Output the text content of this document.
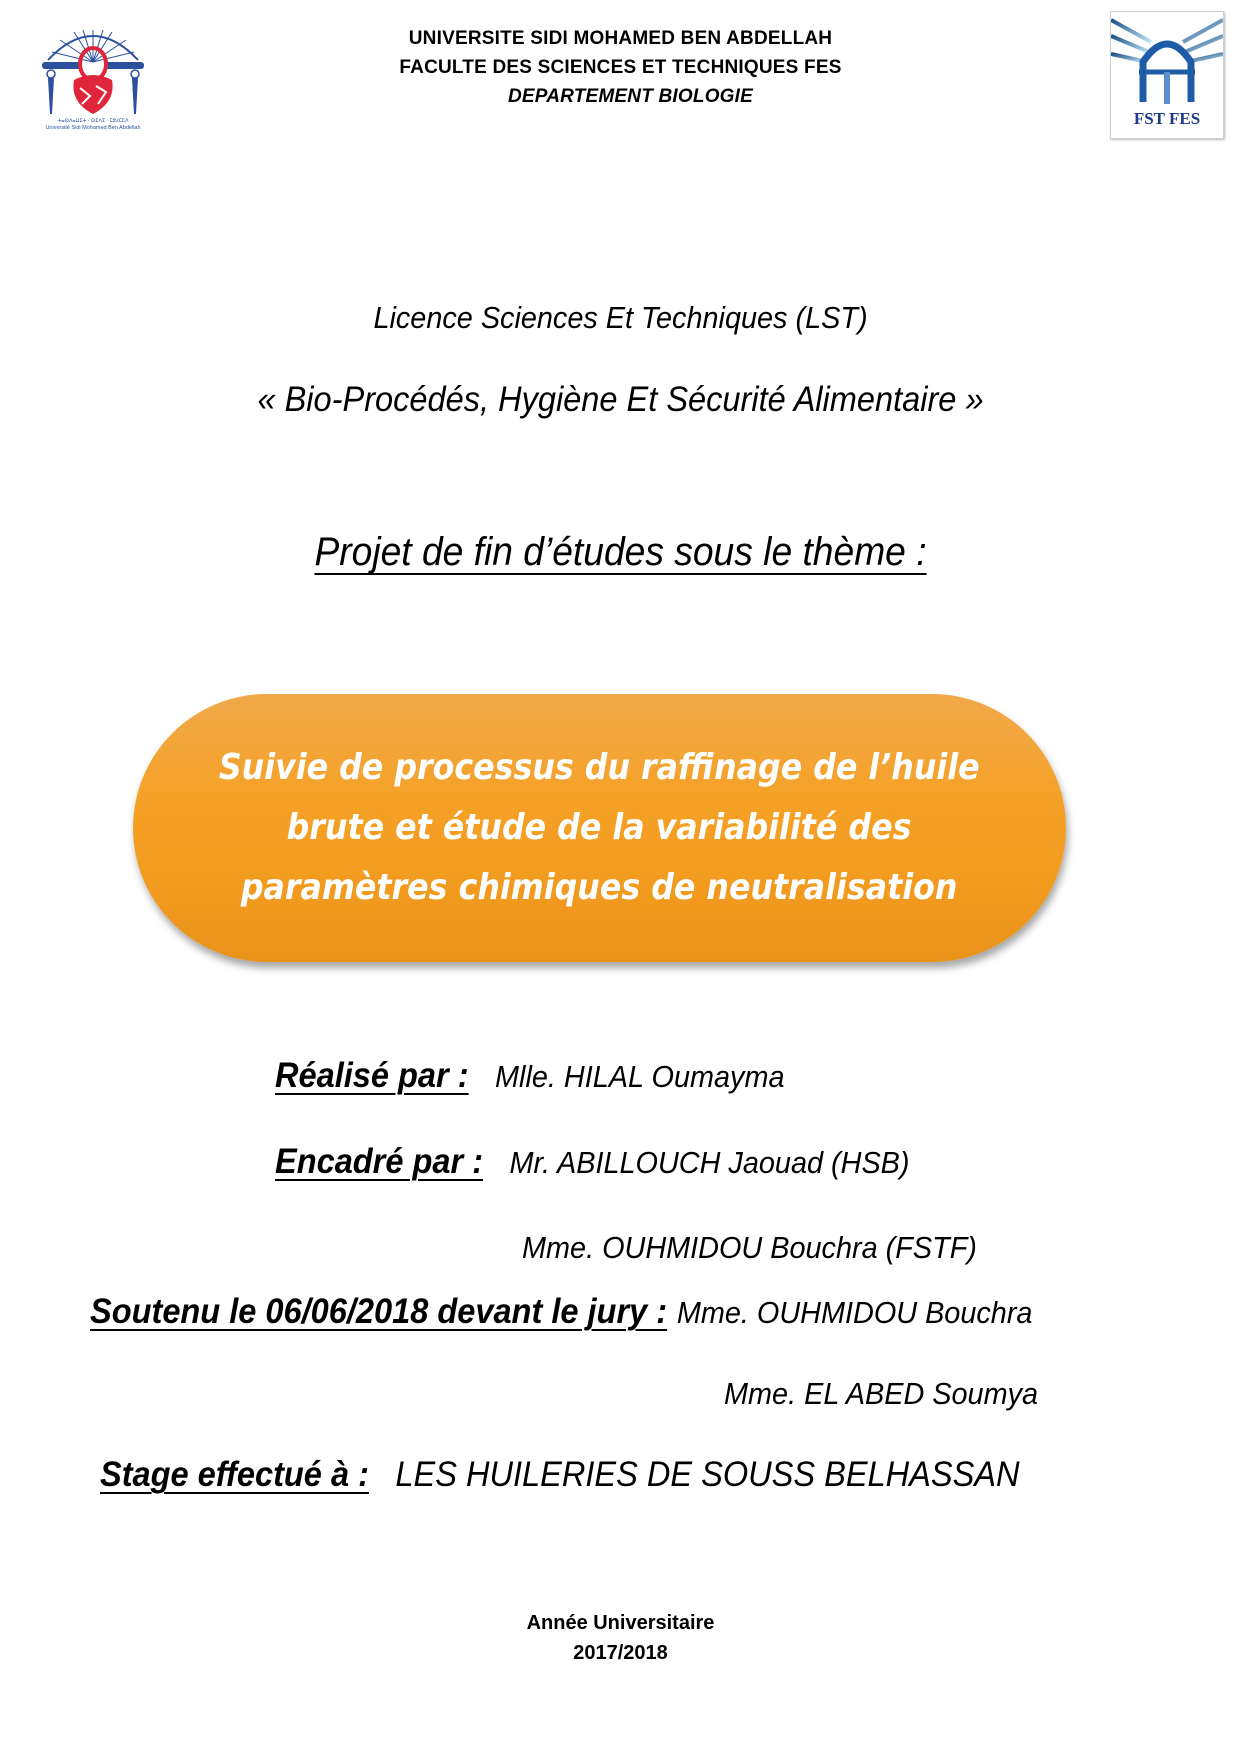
ⵜⴰⵙⴷⴰⵡⵉⵜ · ⵙⵉⴷⵉ · ⵎⵓⵃⵎⵎⴷ
Université Sidi Mohamed Ben Abdellah
UNIVERSITE SIDI MOHAMED BEN ABDELLAH
FACULTE DES SCIENCES ET TECHNIQUES FES
DEPARTEMENT BIOLOGIE
FST FES
Licence Sciences Et Techniques (LST)
« Bio-Procédés, Hygiène Et Sécurité Alimentaire »
Projet de fin d’études sous le thème :
Suivie de processus du raffinage de l’huile
brute et étude de la variabilité des
paramètres chimiques de neutralisation
Réalisé par : Mlle. HILAL Oumayma
Encadré par : Mr. ABILLOUCH Jaouad (HSB)
Mme. OUHMIDOU Bouchra (FSTF)
Soutenu le 06/06/2018 devant le jury : Mme. OUHMIDOU Bouchra
Mme. EL ABED Soumya
Stage effectué à : LES HUILERIES DE SOUSS BELHASSAN
Année Universitaire
2017/2018
